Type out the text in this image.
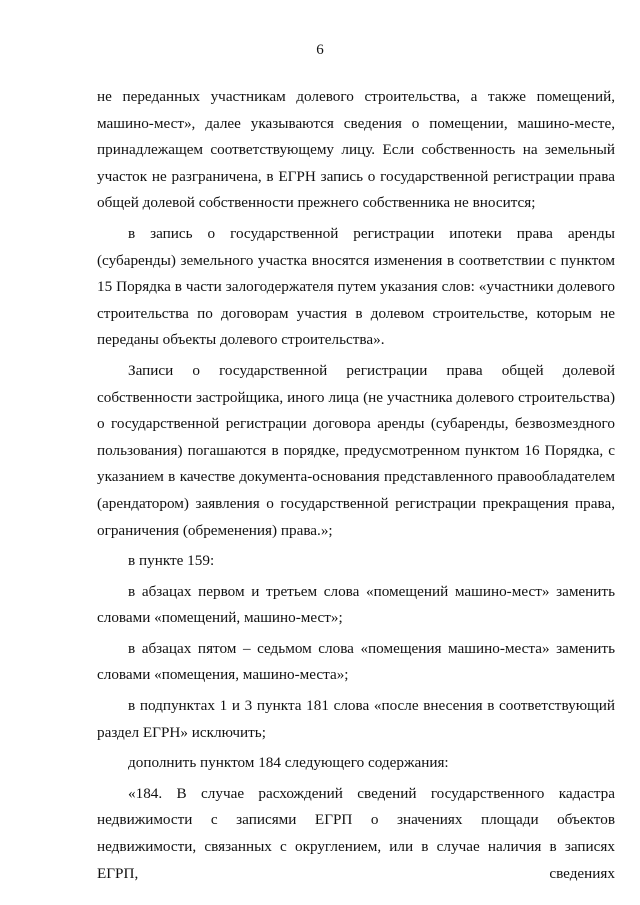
6

не переданных участникам долевого строительства, а также помещений, машино-мест», далее указываются сведения о помещении, машино-месте, принадлежащем соответствующему лицу. Если собственность на земельный участок не разграничена, в ЕГРН запись о государственной регистрации права общей долевой собственности прежнего собственника не вносится;

в запись о государственной регистрации ипотеки права аренды (субаренды) земельного участка вносятся изменения в соответствии с пунктом 15 Порядка в части залогодержателя путем указания слов: «участники долевого строительства по договорам участия в долевом строительстве, которым не переданы объекты долевого строительства».

Записи о государственной регистрации права общей долевой собственности застройщика, иного лица (не участника долевого строительства) о государственной регистрации договора аренды (субаренды, безвозмездного пользования) погашаются в порядке, предусмотренном пунктом 16 Порядка, с указанием в качестве документа-основания представленного правообладателем (арендатором) заявления о государственной регистрации прекращения права, ограничения (обременения) права.»;

в пункте 159:

в абзацах первом и третьем слова «помещений машино-мест» заменить словами «помещений, машино-мест»;

в абзацах пятом – седьмом слова «помещения машино-места» заменить словами «помещения, машино-места»;

в подпунктах 1 и 3 пункта 181 слова «после внесения в соответствующий раздел ЕГРН» исключить;

дополнить пунктом 184 следующего содержания:

«184. В случае расхождений сведений государственного кадастра недвижимости с записями ЕГРП о значениях площади объектов недвижимости, связанных с округлением, или в случае наличия в записях ЕГРП, сведениях
